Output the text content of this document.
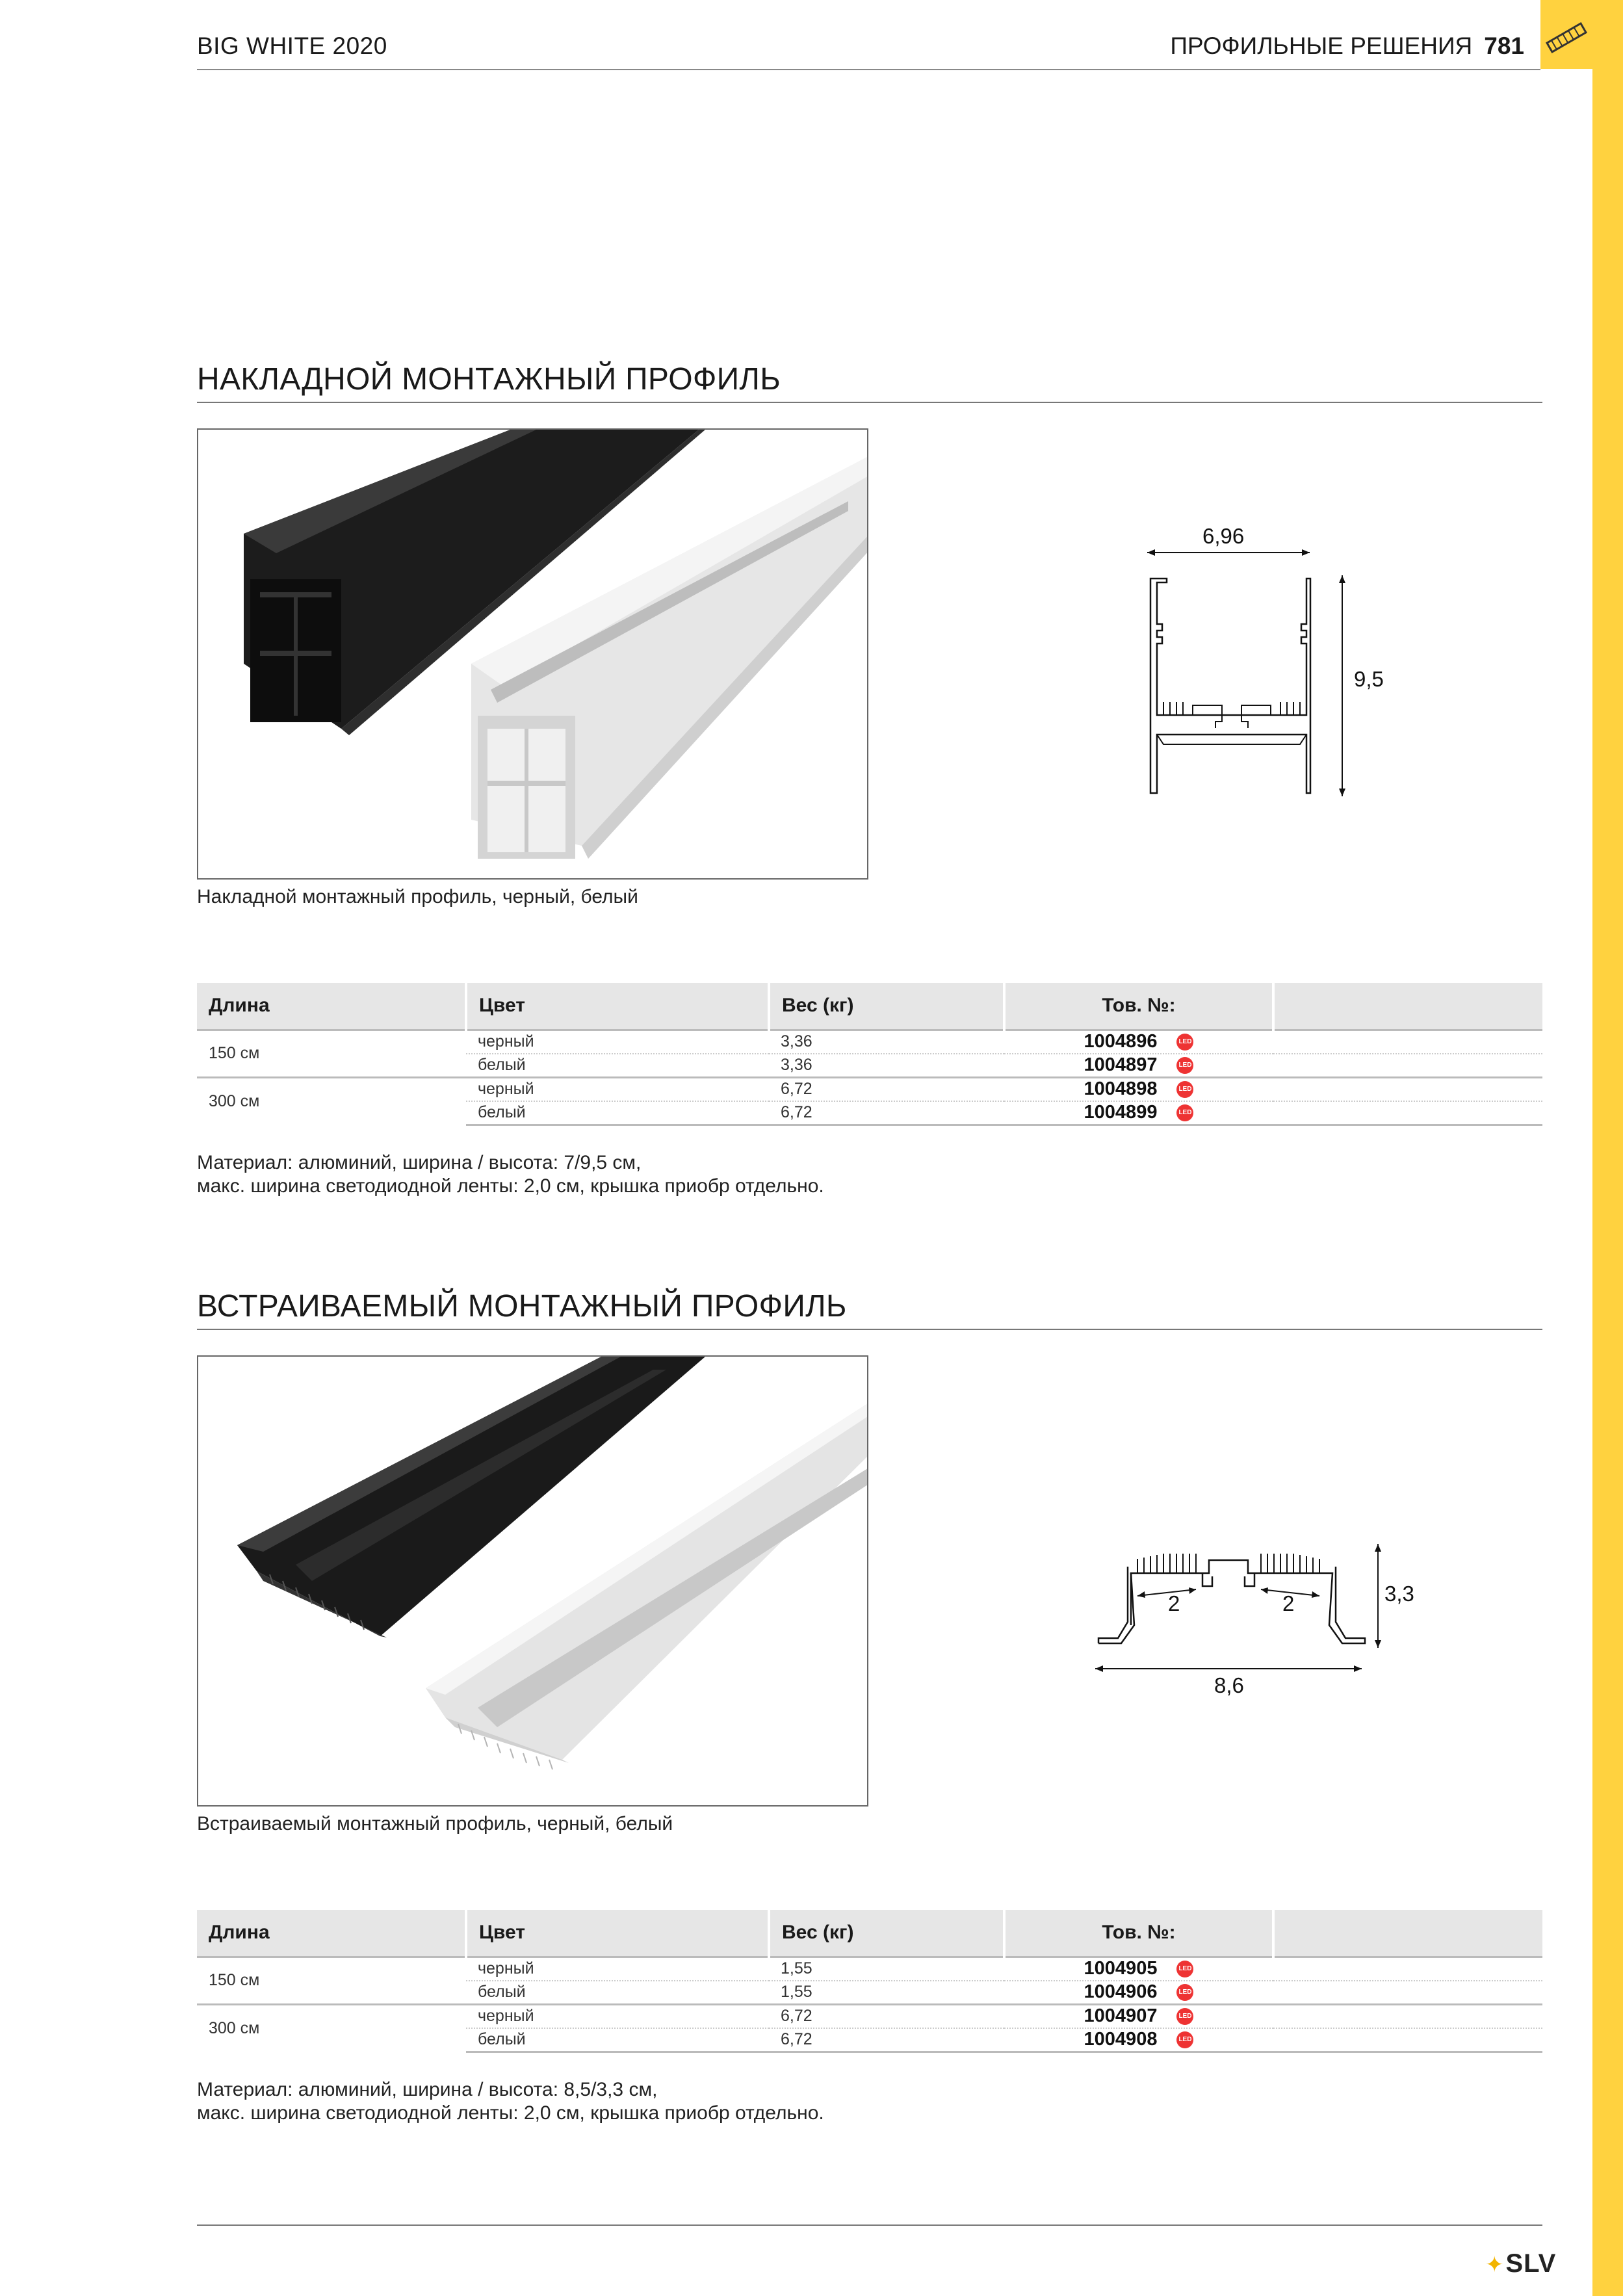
BIG WHITE 2020	ПРОФИЛЬНЫЕ РЕШЕНИЯ 781
НАКЛАДНОЙ МОНТАЖНЫЙ ПРОФИЛЬ
Накладной монтажный профиль, черный, белый
6,96
9,5
Длина	Цвет	Вес (кг)	Тов. №:	
150 см	черный	3,36	1004896 LED	

	белый	3,36	1004897 LED	

300 см	черный	6,72	1004898 LED	

	белый	6,72	1004899 LED	

Материал: алюминий, ширина / высота: 7/9,5 см,
макс. ширина светодиодной ленты: 2,0 см, крышка приобр отдельно.
ВСТРАИВАЕМЫЙ МОНТАЖНЫЙ ПРОФИЛЬ
Встраиваемый монтажный профиль, черный, белый
2	2	3,3
8,6
Длина	Цвет	Вес (кг)	Тов. №:	
150 см	черный	1,55	1004905 LED	

	белый	1,55	1004906 LED	

300 см	черный	6,72	1004907 LED	

	белый	6,72	1004908 LED	

Материал: алюминий, ширина / высота: 8,5/3,3 см,
макс. ширина светодиодной ленты: 2,0 см, крышка приобр отдельно.
✦SLV
